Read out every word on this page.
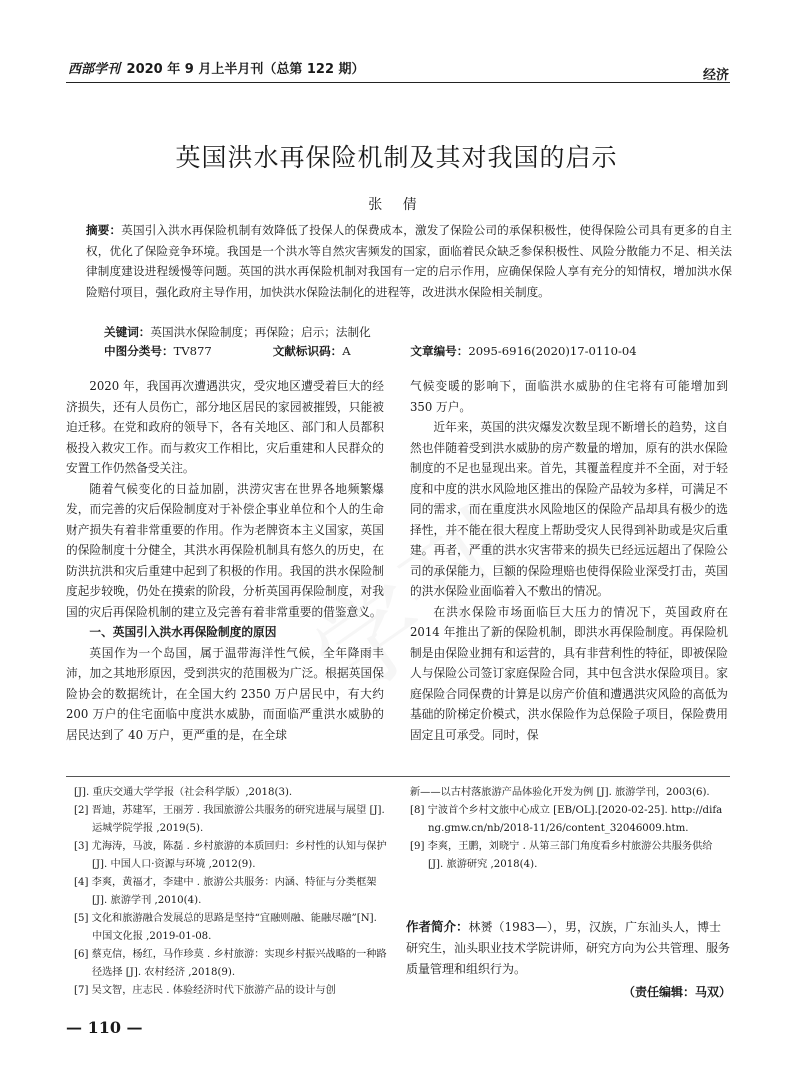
西部学刊 2020 年 9 月上半月刊（总第 122 期）	经济
英国洪水再保险机制及其对我国的启示
张 倩
摘要：英国引入洪水再保险机制有效降低了投保人的保费成本，激发了保险公司的承保积极性，使得保险公司具有更多的自主权，优化了保险竞争环境。我国是一个洪水等自然灾害频发的国家，面临着民众缺乏参保积极性、风险分散能力不足、相关法律制度建设进程缓慢等问题。英国的洪水再保险机制对我国有一定的启示作用，应确保保险人享有充分的知情权，增加洪水保险赔付项目，强化政府主导作用，加快洪水保险法制化的进程等，改进洪水保险相关制度。
关键词：英国洪水保险制度；再保险；启示；法制化
中图分类号：TV877	文献标识码：A	文章编号：2095-6916(2020)17-0110-04

2020 年，我国再次遭遇洪灾，受灾地区遭受着巨大的经济损失，还有人员伤亡，部分地区居民的家园被摧毁，只能被迫迁移。在党和政府的领导下，各有关地区、部门和人员都积极投入救灾工作。而与救灾工作相比，灾后重建和人民群众的安置工作仍然备受关注。

随着气候变化的日益加剧，洪涝灾害在世界各地频繁爆发，而完善的灾后保险制度对于补偿企事业单位和个人的生命财产损失有着非常重要的作用。作为老牌资本主义国家，英国的保险制度十分健全，其洪水再保险机制具有悠久的历史，在防洪抗洪和灾后重建中起到了积极的作用。我国的洪水保险制度起步较晚，仍处在摸索的阶段，分析英国再保险制度，对我国的灾后再保险机制的建立及完善有着非常重要的借鉴意义。

一、英国引入洪水再保险制度的原因

英国作为一个岛国，属于温带海洋性气候，全年降雨丰沛，加之其地形原因，受到洪灾的范围极为广泛。根据英国保险协会的数据统计，在全国大约 2350 万户居民中，有大约 200 万户的住宅面临中度洪水威胁，而面临严重洪水威胁的居民达到了 40 万户，更严重的是，在全球

气候变暖的影响下，面临洪水威胁的住宅将有可能增加到 350 万户。

近年来，英国的洪灾爆发次数呈现不断增长的趋势，这自然也伴随着受到洪水威胁的房产数量的增加，原有的洪水保险制度的不足也显现出来。首先，其覆盖程度并不全面，对于轻度和中度的洪水风险地区推出的保险产品较为多样，可满足不同的需求，而在重度洪水风险地区的保险产品却具有极少的选择性，并不能在很大程度上帮助受灾人民得到补助或是灾后重建。再者，严重的洪水灾害带来的损失已经远远超出了保险公司的承保能力，巨额的保险理赔也使得保险业深受打击，英国的洪水保险业面临着入不敷出的情况。

在洪水保险市场面临巨大压力的情况下，英国政府在 2014 年推出了新的保险机制，即洪水再保险制度。再保险机制是由保险业拥有和运营的，具有非营利性的特征，即被保险人与保险公司签订家庭保险合同，其中包含洪水保险项目。家庭保险合同保费的计算是以房产价值和遭遇洪灾风险的高低为基础的阶梯定价模式，洪水保险作为总保险子项目，保险费用固定且可承受。同时，保

[J]. 重庆交通大学学报（社会科学版）,2018(3).

[2] 晋迪，苏建军，王丽芳 . 我国旅游公共服务的研究进展与展望 [J]. 运城学院学报 ,2019(5).

[3] 尤海涛，马波，陈磊 . 乡村旅游的本质回归：乡村性的认知与保护 [J]. 中国人口·资源与环境 ,2012(9).

[4] 李爽，黄福才，李建中 . 旅游公共服务：内涵、特征与分类框架 [J]. 旅游学刊 ,2010(4).

[5] 文化和旅游融合发展总的思路是坚持“宜融则融、能融尽融”[N]. 中国文化报 ,2019-01-08.

[6] 蔡克信，杨红，马作珍莫 . 乡村旅游：实现乡村振兴战略的一种路径选择 [J]. 农村经济 ,2018(9).

[7] 吴文智，庄志民 . 体验经济时代下旅游产品的设计与创

新——以古村落旅游产品体验化开发为例 [J]. 旅游学刊，2003(6).

[8] 宁波首个乡村文旅中心成立 [EB/OL].[2020-02-25]. http://difang.gmw.cn/nb/2018-11/26/content_32046009.htm.

[9] 李爽，王鹏，刘晓宁 . 从第三部门角度看乡村旅游公共服务供给 [J]. 旅游研究 ,2018(4).

作者简介：林赟（1983—），男，汉族，广东汕头人，博士研究生，汕头职业技术学院讲师，研究方向为公共管理、服务质量管理和组织行为。
（责任编辑：马双）
— 110 —
